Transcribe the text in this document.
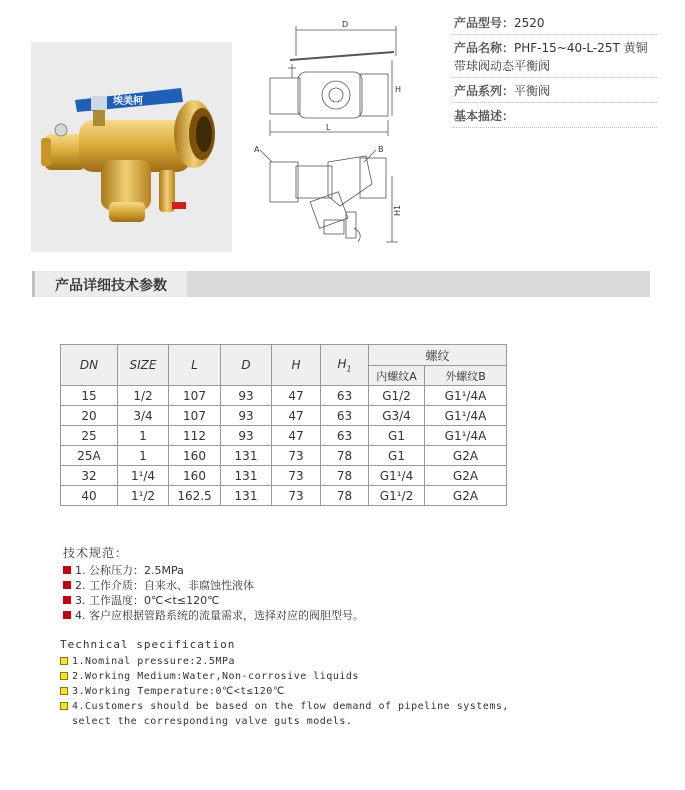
埃美柯
D
H
L
A	B
H1
产品型号：2520
产品名称：PHF-15~40-L-25T 黄铜带球阀动态平衡阀
产品系列：平衡阀
基本描述：
产品详细技术参数
DN	SIZE	L	D	H	$H_1$	螺纹	
						内螺纹A	外螺纹B
15	1/2	107	93	47	63	G1/2	G1¹/4A
20	3/4	107	93	47	63	G3/4	G1¹/4A
25	1	112	93	47	63	G1	G1¹/4A
25A	1	160	131	73	78	G1	G2A
32	1¹/4	160	131	73	78	G1¹/4	G2A
40	1¹/2	162.5	131	73	78	G1¹/2	G2A
技术规范：
1. 公称压力：2.5MPa
2. 工作介质：自来水、非腐蚀性液体
3. 工作温度：0℃<t≤120℃
4. 客户应根据管路系统的流量需求，选择对应的阀胆型号。
Technical specification
1.Nominal pressure:2.5MPa
2.Working Medium:Water,Non-corrosive liquids
3.Working Temperature:0℃<t≤120℃
4.Customers should be based on the flow demand of pipeline systems, select the corresponding valve guts models.
